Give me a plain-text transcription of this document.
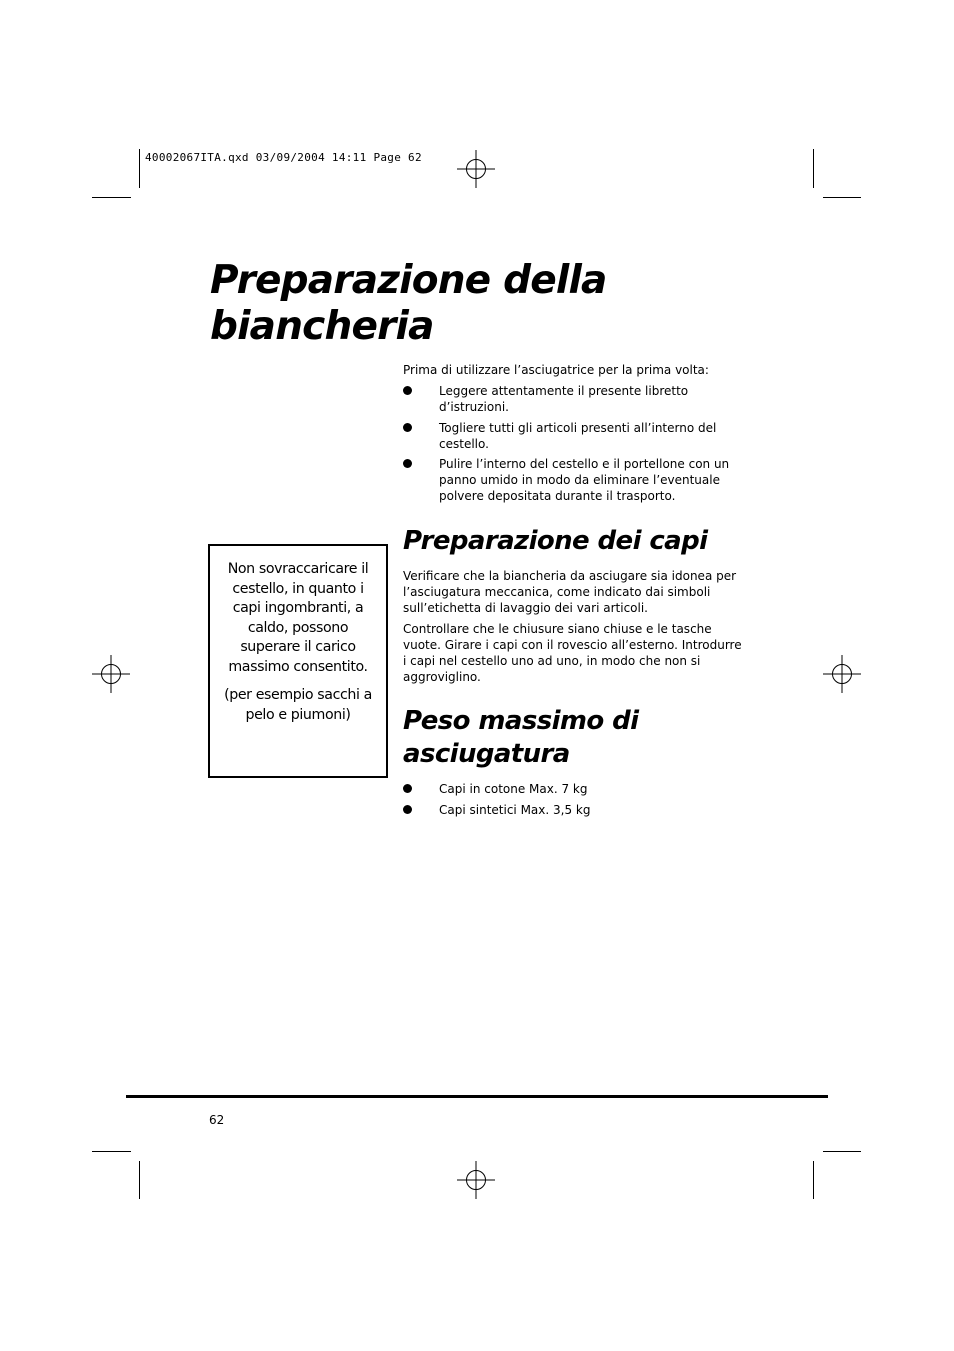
40002067ITA.qxd 03/09/2004 14:11 Page 62
Preparazione della biancheria

Prima di utilizzare l’asciugatrice per la prima volta:

Leggere attentamente il presente libretto d’istruzioni.
Togliere tutti gli articoli presenti all’interno del cestello.
Pulire l’interno del cestello e il portellone con un panno umido in modo da eliminare l’eventuale polvere depositata durante il trasporto.
Preparazione dei capi

Verificare che la biancheria da asciugare sia idonea per l’asciugatura meccanica, come indicato dai simboli sull’etichetta di lavaggio dei vari articoli.

Controllare che le chiusure siano chiuse e le tasche vuote. Girare i capi con il rovescio all’esterno. Introdurre i capi nel cestello uno ad uno, in modo che non si aggroviglino.

Peso massimo di asciugatura
Capi in cotone Max. 7 kg
Capi sintetici Max. 3,5 kg

Non sovraccaricare il cestello, in quanto i capi ingombranti, a caldo, possono superare il carico massimo consentito.

(per esempio sacchi a pelo e piumoni)

62
